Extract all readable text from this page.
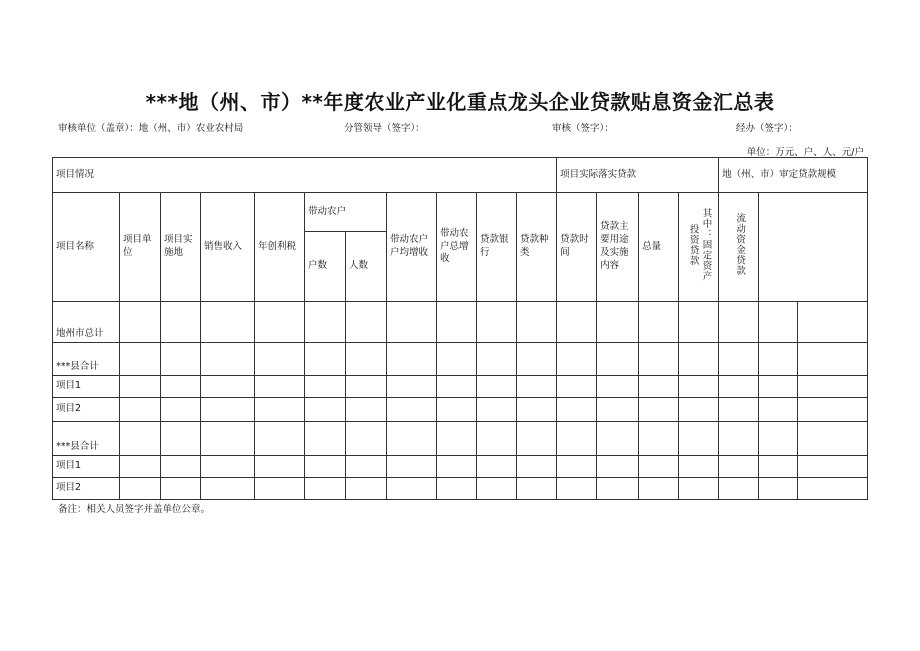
***地（州、市）**年度农业产业化重点龙头企业贷款贴息资金汇总表
审核单位（盖章）：地（州、市）农业农村局	分管领导（签字）：	审核（签字）：	经办（签字）：
单位：万元、户、人、元/户
项目情况											项目实际落实贷款				地（州、市）审定贷款规模		
项目名称	项目单位	项目实施地	销售收入	年创利税	带动农户		带动农户户均增收	带动农户总增收	贷款银行	贷款种类	贷款时间	贷款主要用途及实施内容	总量	其中：固定资产投资贷款	流动资金贷款			
					户数	人数												
地州市总计																		
***县合计																		
项目1																		
项目2																		
***县合计																		
项目1																		
项目2																		
备注：相关人员签字并盖单位公章。
